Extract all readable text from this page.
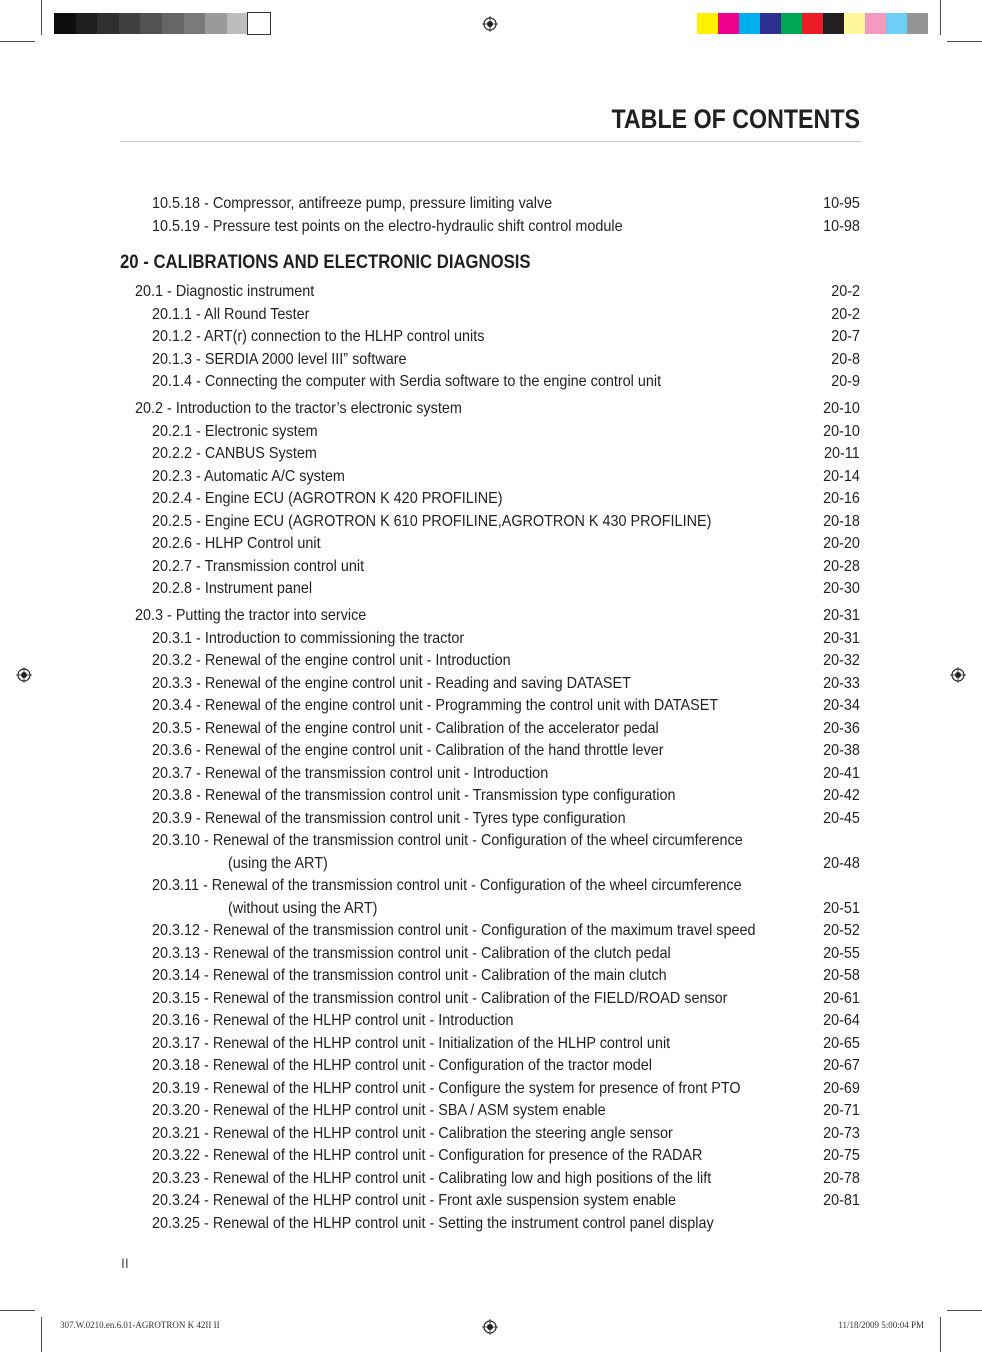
TABLE OF CONTENTS
10.5.18 - Compressor, antifreeze pump, pressure limiting valve	10-95
10.5.19 - Pressure test points on the electro-hydraulic shift control module	10-98
20 - CALIBRATIONS AND ELECTRONIC DIAGNOSIS
20.1 - Diagnostic instrument	20-2
20.1.1 - All Round Tester	20-2
20.1.2 - ART(r) connection to the HLHP control units	20-7
20.1.3 - SERDIA 2000 level III” software	20-8
20.1.4 - Connecting the computer with Serdia software to the engine control unit	20-9
20.2 - Introduction to the tractor’s electronic system	20-10
20.2.1 - Electronic system	20-10
20.2.2 - CANBUS System	20-11
20.2.3 - Automatic A/C system	20-14
20.2.4 - Engine ECU (AGROTRON K 420 PROFILINE)	20-16
20.2.5 - Engine ECU (AGROTRON K 610 PROFILINE,AGROTRON K 430 PROFILINE)	20-18
20.2.6 - HLHP Control unit	20-20
20.2.7 - Transmission control unit	20-28
20.2.8 - Instrument panel	20-30
20.3 - Putting the tractor into service	20-31
20.3.1 - Introduction to commissioning the tractor	20-31
20.3.2 - Renewal of the engine control unit - Introduction	20-32
20.3.3 - Renewal of the engine control unit - Reading and saving DATASET	20-33
20.3.4 - Renewal of the engine control unit - Programming the control unit with DATASET	20-34
20.3.5 - Renewal of the engine control unit - Calibration of the accelerator pedal	20-36
20.3.6 - Renewal of the engine control unit - Calibration of the hand throttle lever	20-38
20.3.7 - Renewal of the transmission control unit - Introduction	20-41
20.3.8 - Renewal of the transmission control unit - Transmission type configuration	20-42
20.3.9 - Renewal of the transmission control unit - Tyres type configuration	20-45
20.3.10 - Renewal of the transmission control unit - Configuration of the wheel circumference
(using the ART)	20-48
20.3.11 - Renewal of the transmission control unit - Configuration of the wheel circumference
(without using the ART)	20-51
20.3.12 - Renewal of the transmission control unit - Configuration of the maximum travel speed	20-52
20.3.13 - Renewal of the transmission control unit - Calibration of the clutch pedal	20-55
20.3.14 - Renewal of the transmission control unit - Calibration of the main clutch	20-58
20.3.15 - Renewal of the transmission control unit - Calibration of the FIELD/ROAD sensor	20-61
20.3.16 - Renewal of the HLHP control unit - Introduction	20-64
20.3.17 - Renewal of the HLHP control unit - Initialization of the HLHP control unit	20-65
20.3.18 - Renewal of the HLHP control unit - Configuration of the tractor model	20-67
20.3.19 - Renewal of the HLHP control unit - Configure the system for presence of front PTO	20-69
20.3.20 - Renewal of the HLHP control unit - SBA / ASM system enable	20-71
20.3.21 - Renewal of the HLHP control unit - Calibration the steering angle sensor	20-73
20.3.22 - Renewal of the HLHP control unit - Configuration for presence of the RADAR	20-75
20.3.23 - Renewal of the HLHP control unit - Calibrating low and high positions of the lift	20-78
20.3.24 - Renewal of the HLHP control unit - Front axle suspension system enable	20-81
20.3.25 - Renewal of the HLHP control unit - Setting the instrument control panel display
II
307.W.0210.en.6.01-AGROTRON K 42II II	11/18/2009 5:00:04 PM
